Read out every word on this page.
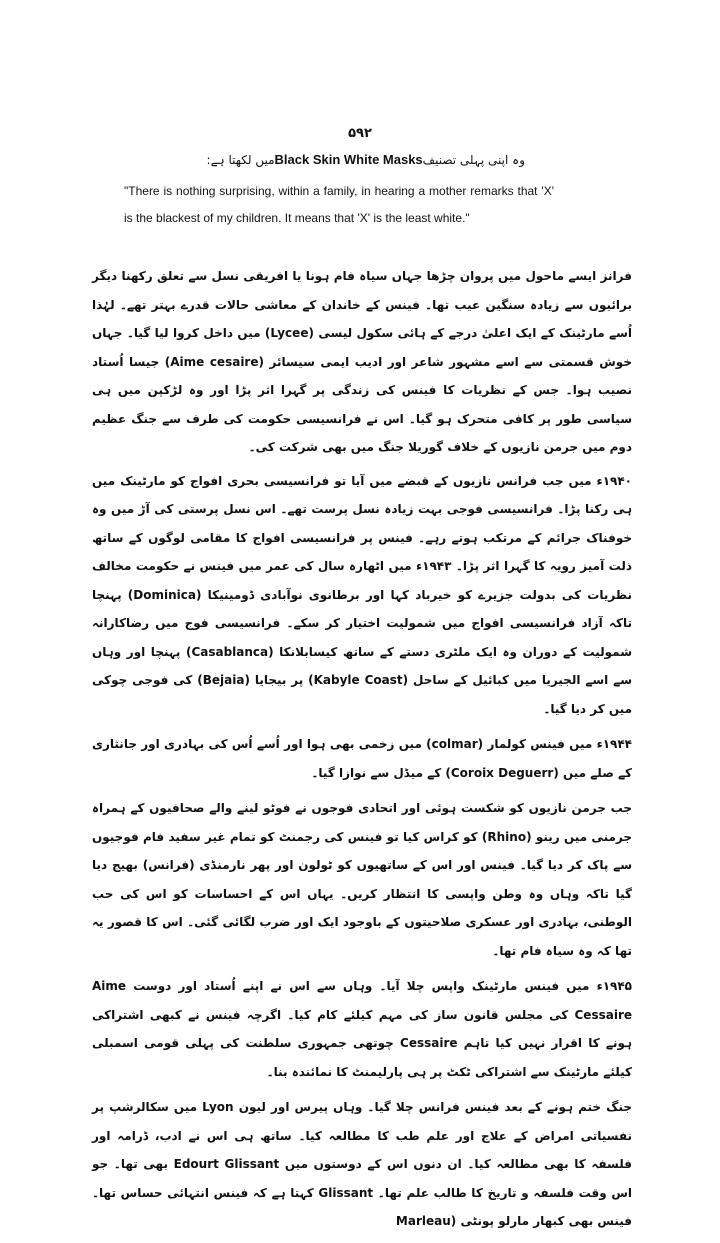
۵۹۲
وہ اپنی پہلی تصنیفBlack Skin White Masksمیں لکھتا ہے:
"There is nothing surprising, within a family, in hearing a mother remarks that 'X' is the blackest of my children. It means that 'X' is the least white."

فرانز ایسے ماحول میں پروان چڑھا جہاں سیاہ فام ہونا یا افریقی نسل سے تعلق رکھنا دیگر برائیوں سے زیادہ سنگین عیب تھا۔ فینس کے خاندان کے معاشی حالات قدرے بہتر تھے۔ لہٰذا اُسے مارٹینک کے ایک اعلیٰ درجے کے ہائی سکول لیسی (Lycee) میں داخل کروا لیا گیا۔ جہاں خوش قسمتی سے اسے مشہور شاعر اور ادیب ایمی سیسائر (Aime cesaire) جیسا اُستاد نصیب ہوا۔ جس کے نظریات کا فینس کی زندگی پر گہرا اثر پڑا اور وہ لڑکپن میں ہی سیاسی طور پر کافی متحرک ہو گیا۔ اس نے فرانسیسی حکومت کی طرف سے جنگ عظیم دوم میں جرمن نازیوں کے خلاف گوریلا جنگ میں بھی شرکت کی۔

۱۹۴۰ء میں جب فرانس نازیوں کے قبضے میں آیا تو فرانسیسی بحری افواج کو مارٹینک میں ہی رکنا پڑا۔ فرانسیسی فوجی بہت زیادہ نسل پرست تھے۔ اس نسل پرستی کی آڑ میں وہ خوفناک جرائم کے مرتکب ہوتے رہے۔ فینس پر فرانسیسی افواج کا مقامی لوگوں کے ساتھ ذلت آمیز رویہ کا گہرا اثر پڑا۔ ۱۹۴۳ء میں اٹھارہ سال کی عمر میں فینس نے حکومت مخالف نظریات کی بدولت جزیرے کو خیرباد کہا اور برطانوی نوآبادی ڈومینیکا (Dominica) پہنچا تاکہ آزاد فرانسیسی افواج میں شمولیت اختیار کر سکے۔ فرانسیسی فوج میں رضاکارانہ شمولیت کے دوران وہ ایک ملٹری دستے کے ساتھ کیسابلانکا (Casablanca) پہنچا اور وہاں سے اسے الجیریا میں کبائیل کے ساحل (Kabyle Coast) پر بیجایا (Bejaia) کی فوجی چوکی میں کر دیا گیا۔

۱۹۴۴ء میں فینس کولمار (colmar) میں زخمی بھی ہوا اور اُسے اُس کی بہادری اور جانثاری کے صلے میں (Coroix Deguerr) کے میڈل سے نوازا گیا۔

جب جرمن نازیوں کو شکست ہوئی اور اتحادی فوجوں نے فوٹو لینے والے صحافیوں کے ہمراہ جرمنی میں رینو (Rhino) کو کراس کیا تو فینس کی رجمنٹ کو تمام غیر سفید فام فوجیوں سے پاک کر دیا گیا۔ فینس اور اس کے ساتھیوں کو ٹولون اور پھر نارمنڈی (فرانس) بھیج دیا گیا تاکہ وہاں وہ وطن واپسی کا انتظار کریں۔ یہاں اس کے احساسات کو اس کی حب الوطنی، بہادری اور عسکری صلاحیتوں کے باوجود ایک اور ضرب لگائی گئی۔ اس کا قصور یہ تھا کہ وہ سیاہ فام تھا۔

۱۹۴۵ء میں فینس مارٹینک واپس چلا آیا۔ وہاں سے اس نے اپنے اُستاد اور دوست Aime Cessaire کی مجلس قانون ساز کی مہم کیلئے کام کیا۔ اگرچہ فینس نے کبھی اشتراکی ہونے کا اقرار نہیں کیا تاہم Cessaire چوتھی جمہوری سلطنت کی پہلی قومی اسمبلی کیلئے مارٹینک سے اشتراکی ٹکٹ پر ہی پارلیمنٹ کا نمائندہ بنا۔

جنگ ختم ہونے کے بعد فینس فرانس چلا گیا۔ وہاں پیرس اور لیون Lyon میں سکالرشپ پر نفسیاتی امراض کے علاج اور علم طب کا مطالعہ کیا۔ ساتھ ہی اس نے ادب، ڈرامہ اور فلسفہ کا بھی مطالعہ کیا۔ ان دنوں اس کے دوستوں میں Edourt Glissant بھی تھا۔ جو اس وقت فلسفہ و تاریخ کا طالب علم تھا۔ Glissant کہتا ہے کہ فینس انتہائی حساس تھا۔ فینس بھی کبھار مارلو پونٹی (Marleau
